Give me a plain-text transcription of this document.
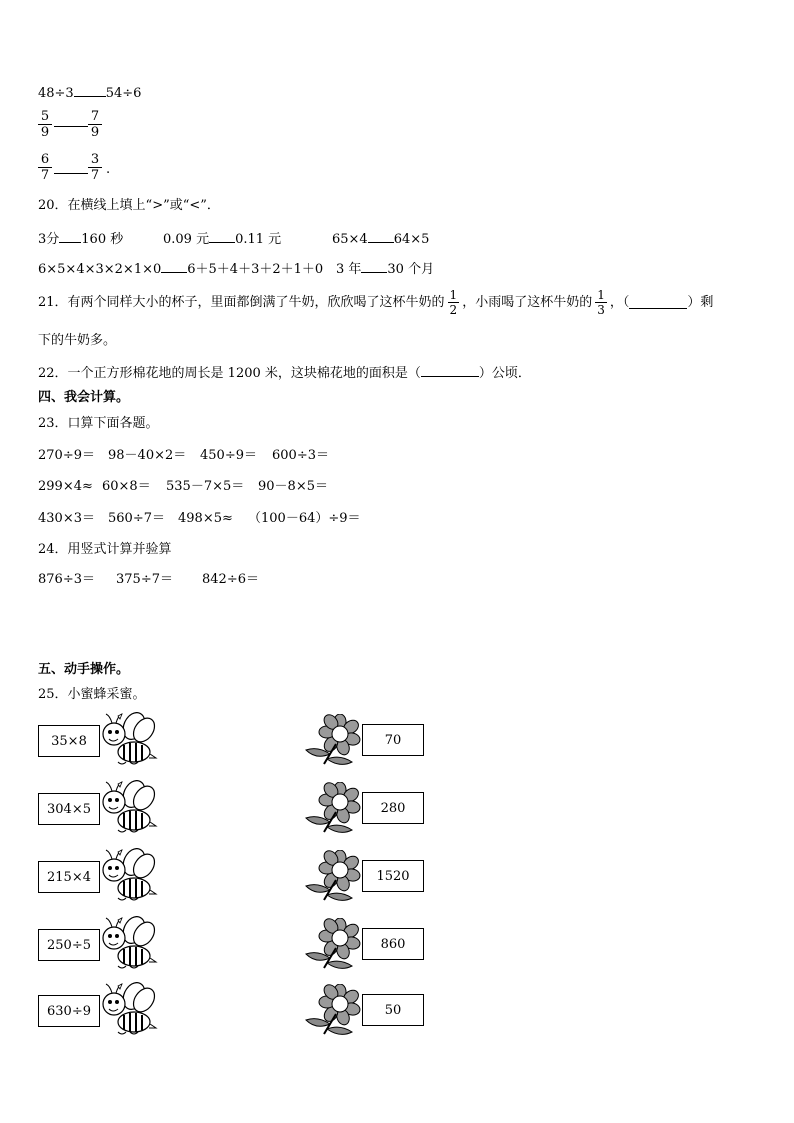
48÷3 54÷6
$\frac{5}{9}$	$\frac{7}{9}$
$\frac{6}{7}$	$\frac{3}{7}$ .
20．在横线上填上“>”或“<”．
3分 160 秒	0.09 元 0.11 元	65×4 64×5
6×5×4×3×2×1×0 6＋5＋4＋3＋2＋1＋0 3 年 30 个月
21．有两个同样大小的杯子，里面都倒满了牛奶，欣欣喝了这杯牛奶的 $\frac{1}{2}$ ，小雨喝了这杯牛奶的 $\frac{1}{3}$ ，（	）剩
下的牛奶多。
22．一个正方形棉花地的周长是 1200 米，这块棉花地的面积是（	）公顷．
四、我会计算。
23．口算下面各题。
270÷9＝ 98－40×2＝ 450÷9＝ 600÷3＝
299×4≈ 60×8＝ 535－7×5＝ 90－8×5＝
430×3＝ 560÷7＝ 498×5≈ （100－64）÷9＝
24．用竖式计算并验算
876÷3＝ 375÷7＝ 842÷6＝
五、动手操作。
25．小蜜蜂采蜜。
35×8
304×5
215×4
250÷5
630÷9
70
280
1520
860
50
